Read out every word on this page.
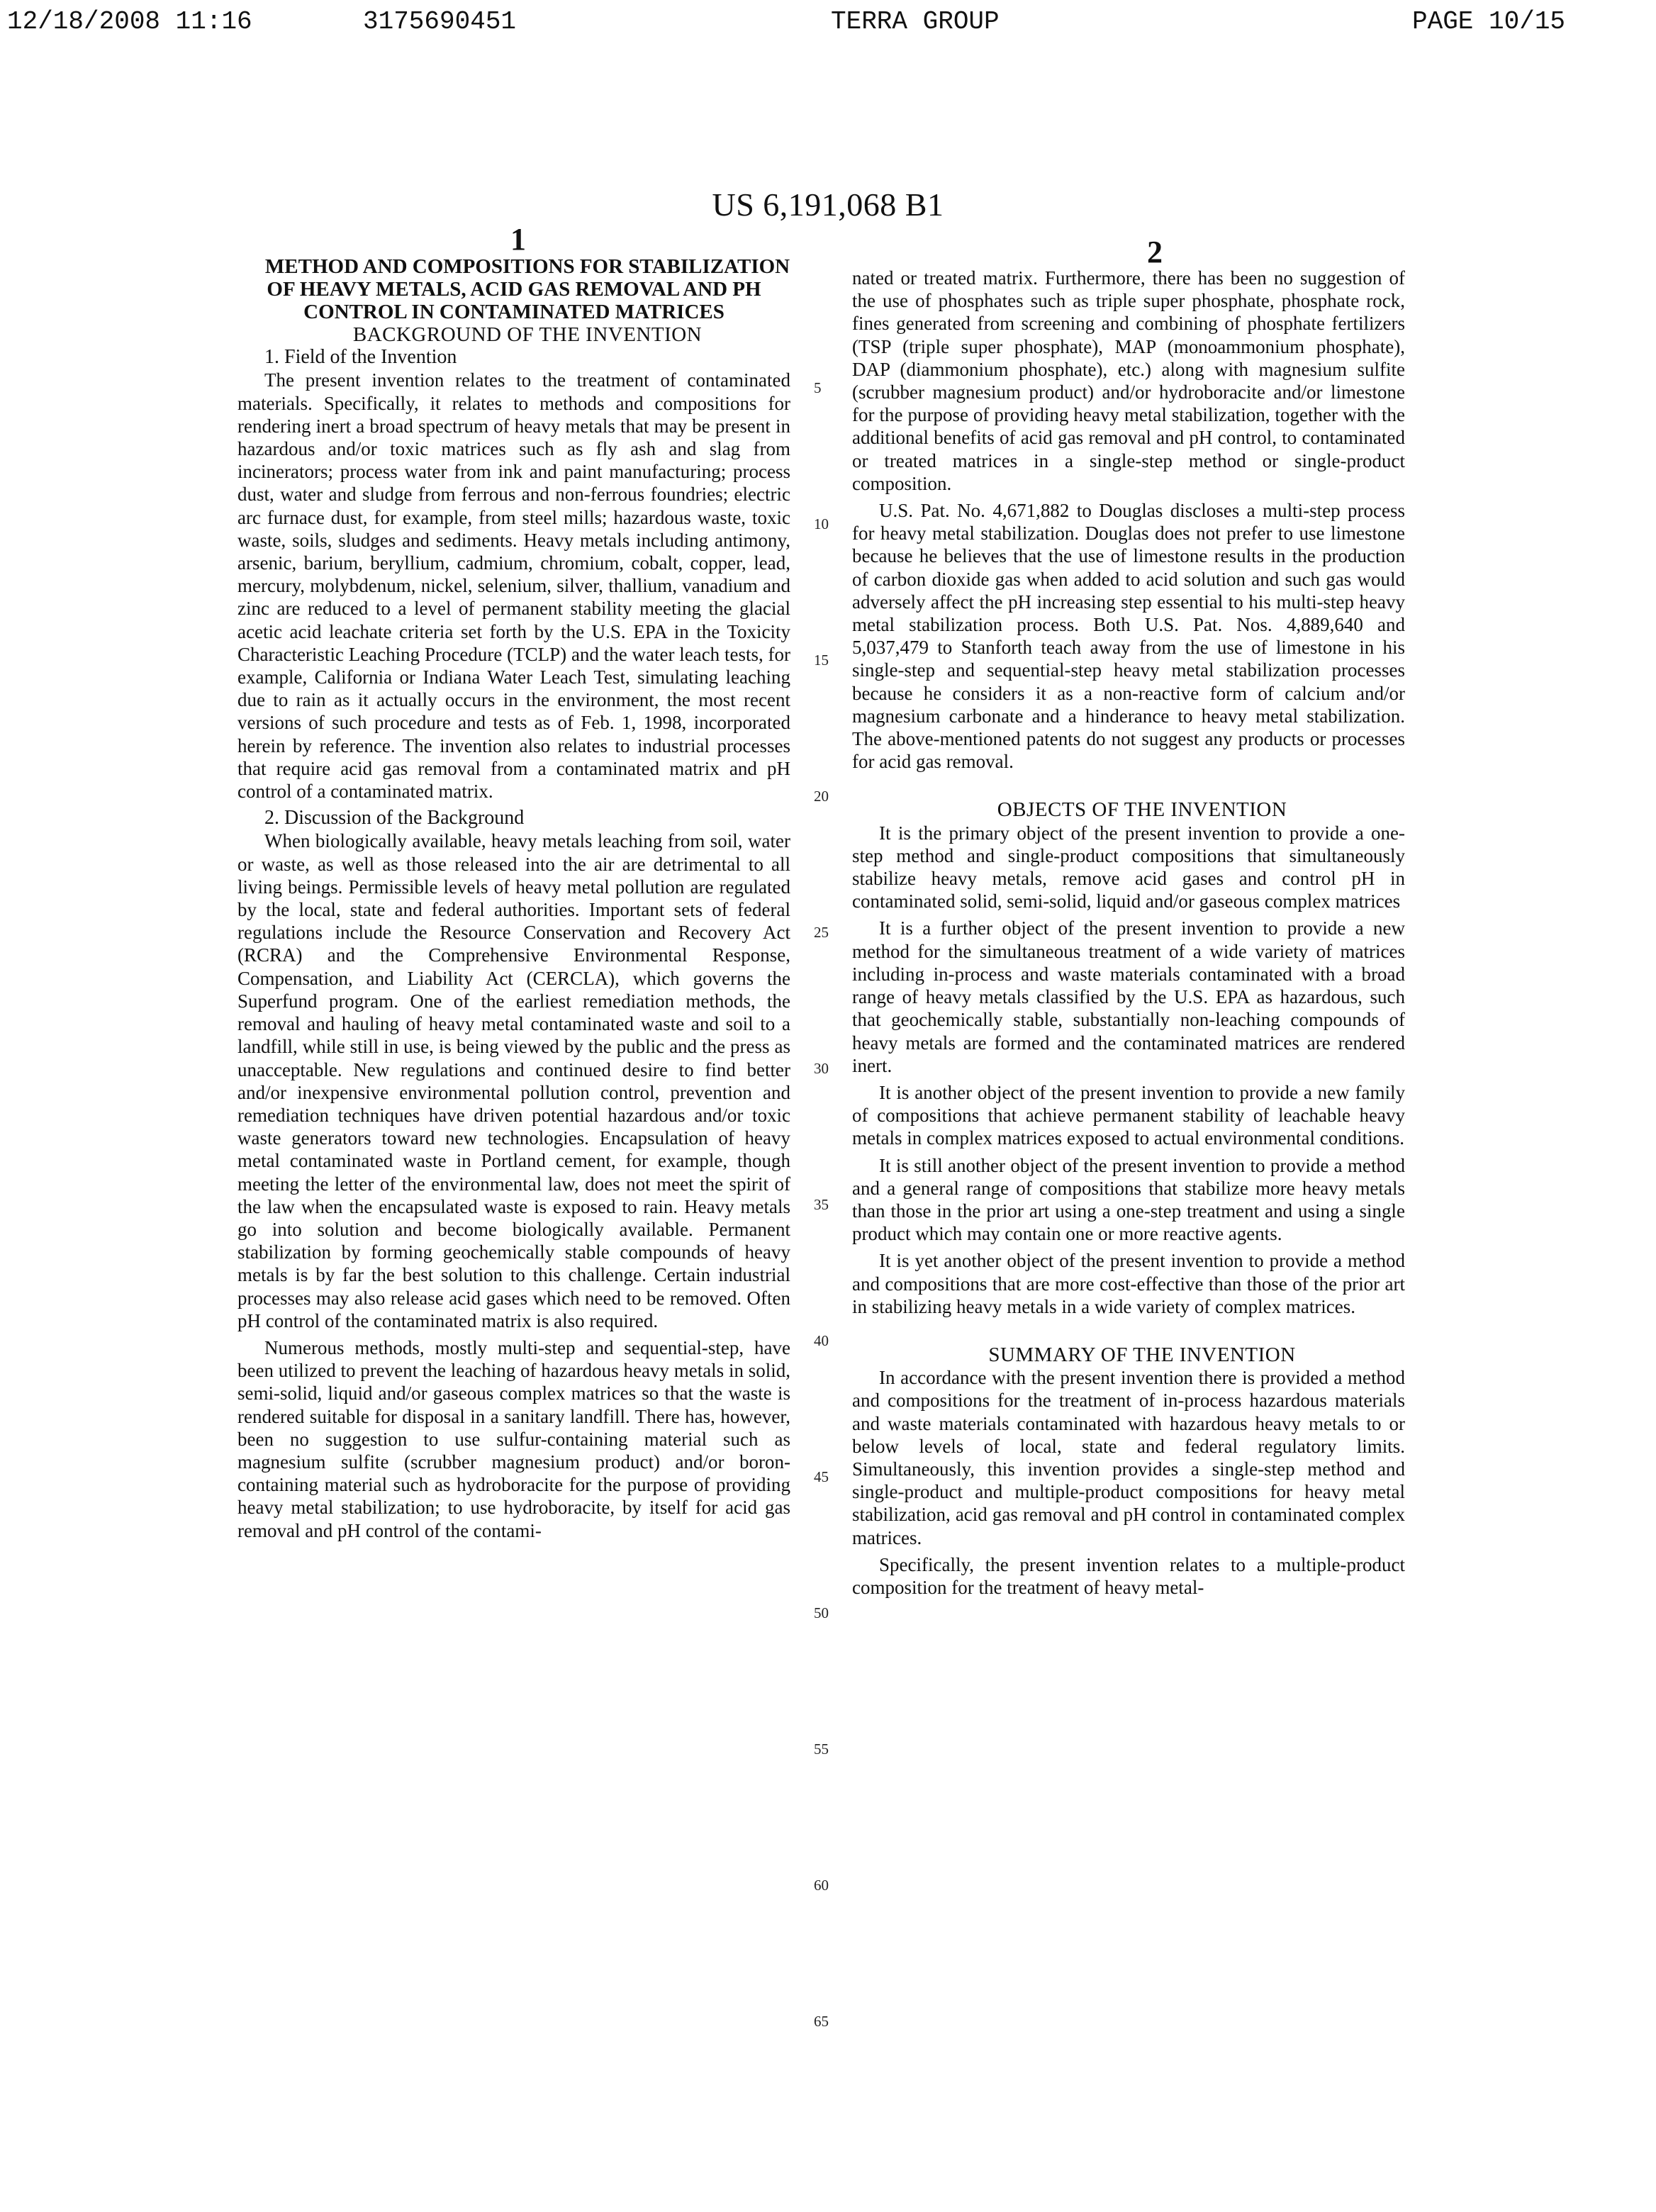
12/18/2008 11:16	3175690451	TERRA GROUP	PAGE 10/15
US 6,191,068 B1
1	2

METHOD AND COMPOSITIONS FOR STABILIZATION OF HEAVY METALS, ACID GAS REMOVAL AND PH CONTROL IN CONTAMINATED MATRICES

BACKGROUND OF THE INVENTION

1. Field of the Invention

The present invention relates to the treatment of contaminated materials. Specifically, it relates to methods and compositions for rendering inert a broad spectrum of heavy metals that may be present in hazardous and/or toxic matrices such as fly ash and slag from incinerators; process water from ink and paint manufacturing; process dust, water and sludge from ferrous and non-ferrous foundries; electric arc furnace dust, for example, from steel mills; hazardous waste, toxic waste, soils, sludges and sediments. Heavy metals including antimony, arsenic, barium, beryllium, cadmium, chromium, cobalt, copper, lead, mercury, molybdenum, nickel, selenium, silver, thallium, vanadium and zinc are reduced to a level of permanent stability meeting the glacial acetic acid leachate criteria set forth by the U.S. EPA in the Toxicity Characteristic Leaching Procedure (TCLP) and the water leach tests, for example, California or Indiana Water Leach Test, simulating leaching due to rain as it actually occurs in the environment, the most recent versions of such procedure and tests as of Feb. 1, 1998, incorporated herein by reference. The invention also relates to industrial processes that require acid gas removal from a contaminated matrix and pH control of a contaminated matrix.

2. Discussion of the Background

When biologically available, heavy metals leaching from soil, water or waste, as well as those released into the air are detrimental to all living beings. Permissible levels of heavy metal pollution are regulated by the local, state and federal authorities. Important sets of federal regulations include the Resource Conservation and Recovery Act (RCRA) and the Comprehensive Environmental Response, Compensation, and Liability Act (CERCLA), which governs the Superfund program. One of the earliest remediation methods, the removal and hauling of heavy metal contaminated waste and soil to a landfill, while still in use, is being viewed by the public and the press as unacceptable. New regulations and continued desire to find better and/or inexpensive environmental pollution control, prevention and remediation techniques have driven potential hazardous and/or toxic waste generators toward new technologies. Encapsulation of heavy metal contaminated waste in Portland cement, for example, though meeting the letter of the environmental law, does not meet the spirit of the law when the encapsulated waste is exposed to rain. Heavy metals go into solution and become biologically available. Permanent stabilization by forming geochemically stable compounds of heavy metals is by far the best solution to this challenge. Certain industrial processes may also release acid gases which need to be removed. Often pH control of the contaminated matrix is also required.

Numerous methods, mostly multi-step and sequential-step, have been utilized to prevent the leaching of hazardous heavy metals in solid, semi-solid, liquid and/or gaseous complex matrices so that the waste is rendered suitable for disposal in a sanitary landfill. There has, however, been no suggestion to use sulfur-containing material such as magnesium sulfite (scrubber magnesium product) and/or boron-containing material such as hydroboracite for the purpose of providing heavy metal stabilization; to use hydroboracite, by itself for acid gas removal and pH control of the contami-

5
10
15
20
25
30
35
40
45
50
55
60
65

nated or treated matrix. Furthermore, there has been no suggestion of the use of phosphates such as triple super phosphate, phosphate rock, fines generated from screening and combining of phosphate fertilizers (TSP (triple super phosphate), MAP (monoammonium phosphate), DAP (diammonium phosphate), etc.) along with magnesium sulfite (scrubber magnesium product) and/or hydroboracite and/or limestone for the purpose of providing heavy metal stabilization, together with the additional benefits of acid gas removal and pH control, to contaminated or treated matrices in a single-step method or single-product composition.

U.S. Pat. No. 4,671,882 to Douglas discloses a multi-step process for heavy metal stabilization. Douglas does not prefer to use limestone because he believes that the use of limestone results in the production of carbon dioxide gas when added to acid solution and such gas would adversely affect the pH increasing step essential to his multi-step heavy metal stabilization process. Both U.S. Pat. Nos. 4,889,640 and 5,037,479 to Stanforth teach away from the use of limestone in his single-step and sequential-step heavy metal stabilization processes because he considers it as a non-reactive form of calcium and/or magnesium carbonate and a hinderance to heavy metal stabilization. The above-mentioned patents do not suggest any products or processes for acid gas removal.

OBJECTS OF THE INVENTION

It is the primary object of the present invention to provide a one-step method and single-product compositions that simultaneously stabilize heavy metals, remove acid gases and control pH in contaminated solid, semi-solid, liquid and/or gaseous complex matrices

It is a further object of the present invention to provide a new method for the simultaneous treatment of a wide variety of matrices including in-process and waste materials contaminated with a broad range of heavy metals classified by the U.S. EPA as hazardous, such that geochemically stable, substantially non-leaching compounds of heavy metals are formed and the contaminated matrices are rendered inert.

It is another object of the present invention to provide a new family of compositions that achieve permanent stability of leachable heavy metals in complex matrices exposed to actual environmental conditions.

It is still another object of the present invention to provide a method and a general range of compositions that stabilize more heavy metals than those in the prior art using a one-step treatment and using a single product which may contain one or more reactive agents.

It is yet another object of the present invention to provide a method and compositions that are more cost-effective than those of the prior art in stabilizing heavy metals in a wide variety of complex matrices.

SUMMARY OF THE INVENTION

In accordance with the present invention there is provided a method and compositions for the treatment of in-process hazardous materials and waste materials contaminated with hazardous heavy metals to or below levels of local, state and federal regulatory limits. Simultaneously, this invention provides a single-step method and single-product and multiple-product compositions for heavy metal stabilization, acid gas removal and pH control in contaminated complex matrices.

Specifically, the present invention relates to a multiple-product composition for the treatment of heavy metal-
